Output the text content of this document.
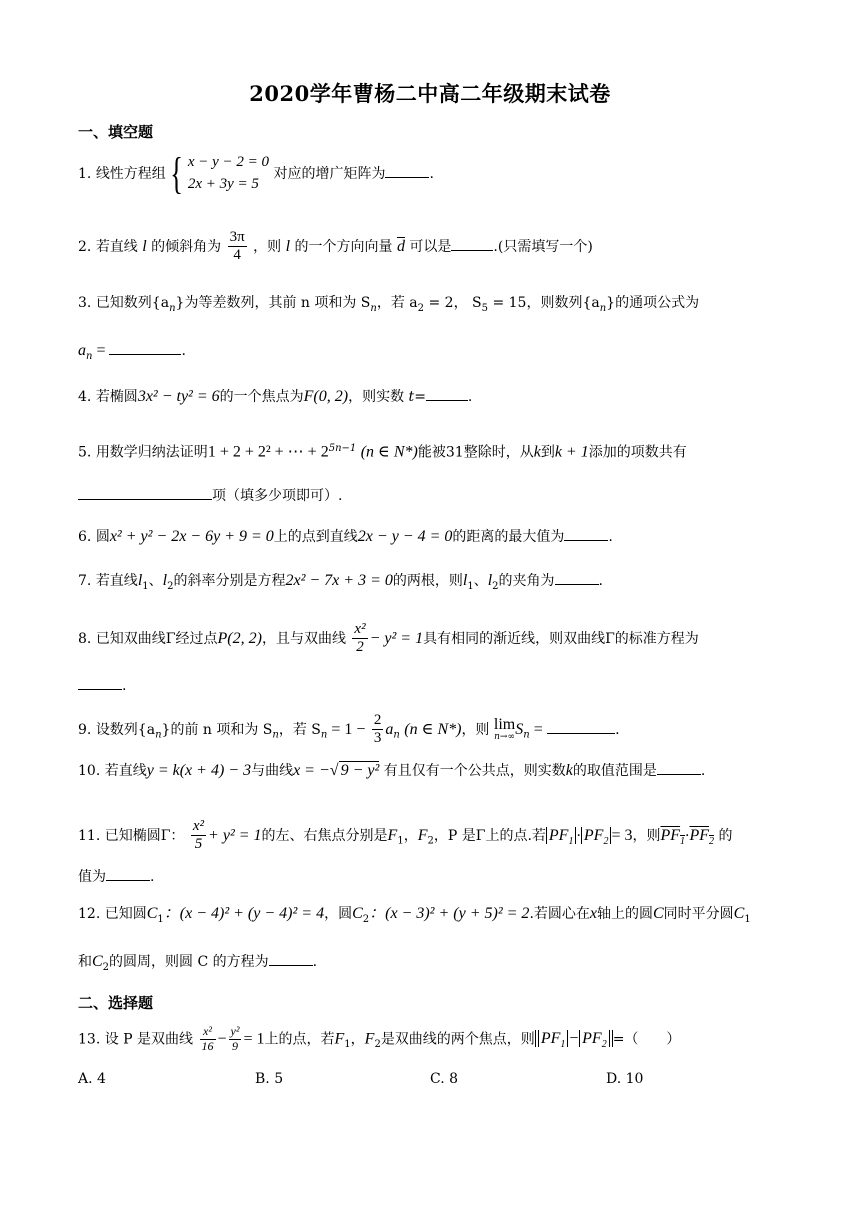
2020学年曹杨二中高二年级期末试卷
一、填空题
1. 线性方程组 { x − y − 2 = 0
2x + 3y = 5
对应的增广矩阵为	.
2. 若直线 l 的倾斜角为 $\frac{3\pi}{4}$ ，则 l 的一个方向向量 $\overline{d}$ 可以是	.(只需填写一个)
3. 已知数列$\{a_n\}$为等差数列，其前 n 项和为 $S_n$，若 $a_2 = 2$， $S_5 = 15$，则数列$\{a_n\}$的通项公式为
$a_n$ =	.
4. 若椭圆3x² − ty² = 6的一个焦点为F(0, 2)，则实数 t=	.
5. 用数学归纳法证明1 + 2 + 2² + ⋯ + $2^{5n-1}$ (n ∈ N*)能被31整除时，从k到k + 1添加的项数共有
项（填多少项即可）.
6. 圆x² + y² − 2x − 6y + 9 = 0上的点到直线2x − y − 4 = 0的距离的最大值为	.
7. 若直线$l_1$、$l_2$的斜率分别是方程2x² − 7x + 3 = 0的两根，则$l_1$、$l_2$的夹角为	.
8. 已知双曲线Γ经过点P(2, 2)，且与双曲线 $\frac{\text{x²}}{2} - y^2 = 1$具有相同的渐近线，则双曲线Γ的标准方程为
.
9. 设数列$\{a_n\}$的前 n 项和为 $S_n$，若 $S_n = 1 - \frac{2}{3} a_n$ (n ∈ N*)，则 lim
n→∞ $S_n$ =	.
10. 若直线y = k(x + 4) − 3与曲线x = −√ 9 − y² 有且仅有一个公共点，则实数k的取值范围是	.
11. 已知椭圆Γ： $\frac{\text{x²}}{5} + y^2 = 1$的左、右焦点分别是$F_1$，$F_2$，P 是Γ上的点.若 $PF_1 \cdot PF_2 = 3$，则$PF_1\cdot PF_2$ 的
值为	.
12. 已知圆$C_1$：(x − 4)² + (y − 4)² = 4，圆$C_2$：(x − 3)² + (y + 5)² = 2.若圆心在x轴上的圆C同时平分圆$C_1$
和$C_2$的圆周，则圆 C 的方程为	.
二、选择题
13. 设 P 是双曲线 $\frac{\text{x²}}{16} - \frac{\text{y²}}{9} = 1$上的点，若$F_1$，$F_2$是双曲线的两个焦点，则 $PF_1 - PF_2$ =（　　）
A. 4	B. 5	C. 8	D. 10
